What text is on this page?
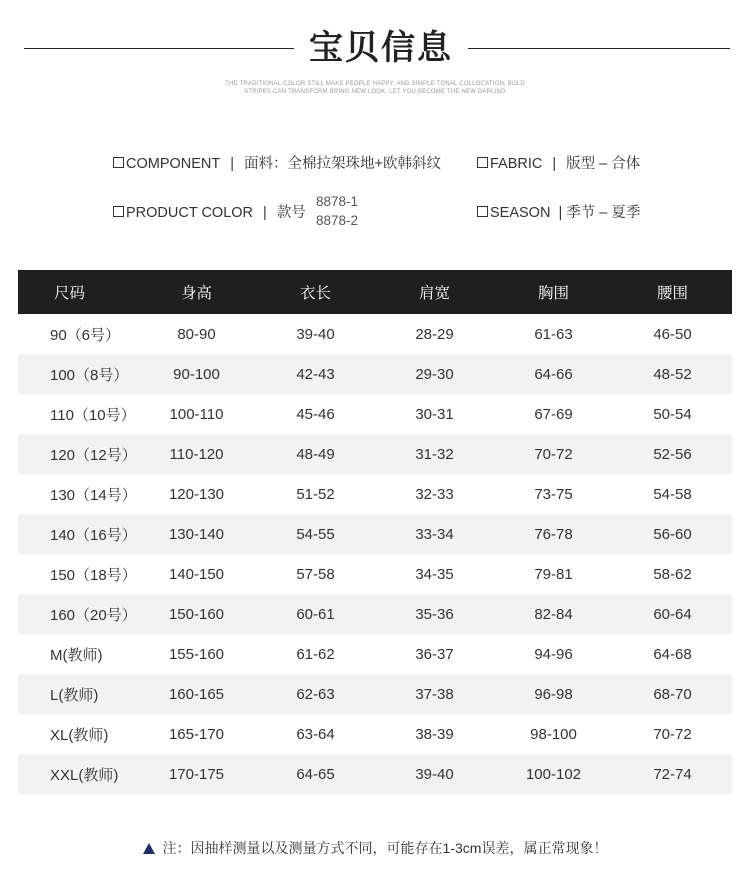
宝贝信息
THE TRADITIONAL COLOR STILL MAKE PEOPLE HAPPY, AND SIMPLE TONAL COLLOCATION, BOLD
STRIPES CAN TRANSFORM BRING NEW LOOK, LET YOU BECOME THE NEW DARLING
COMPONENT | 面料：全棉拉架珠地+欧韩斜纹
PRODUCT COLOR | 款号
8878-1
8878-2
FABRIC | 版型 – 合体
SEASON | 季节 – 夏季
尺码	身高	衣长	肩宽	胸围	腰围
90（6号）	80-90	39-40	28-29	61-63	46-50
100（8号）	90-100	42-43	29-30	64-66	48-52
110（10号）	100-110	45-46	30-31	67-69	50-54
120（12号）	110-120	48-49	31-32	70-72	52-56
130（14号）	120-130	51-52	32-33	73-75	54-58
140（16号）	130-140	54-55	33-34	76-78	56-60
150（18号）	140-150	57-58	34-35	79-81	58-62
160（20号）	150-160	60-61	35-36	82-84	60-64
M(教师)	155-160	61-62	36-37	94-96	64-68
L(教师)	160-165	62-63	37-38	96-98	68-70
XL(教师)	165-170	63-64	38-39	98-100	70-72
XXL(教师)	170-175	64-65	39-40	100-102	72-74
注：因抽样测量以及测量方式不同，可能存在1-3cm误差，属正常现象！
